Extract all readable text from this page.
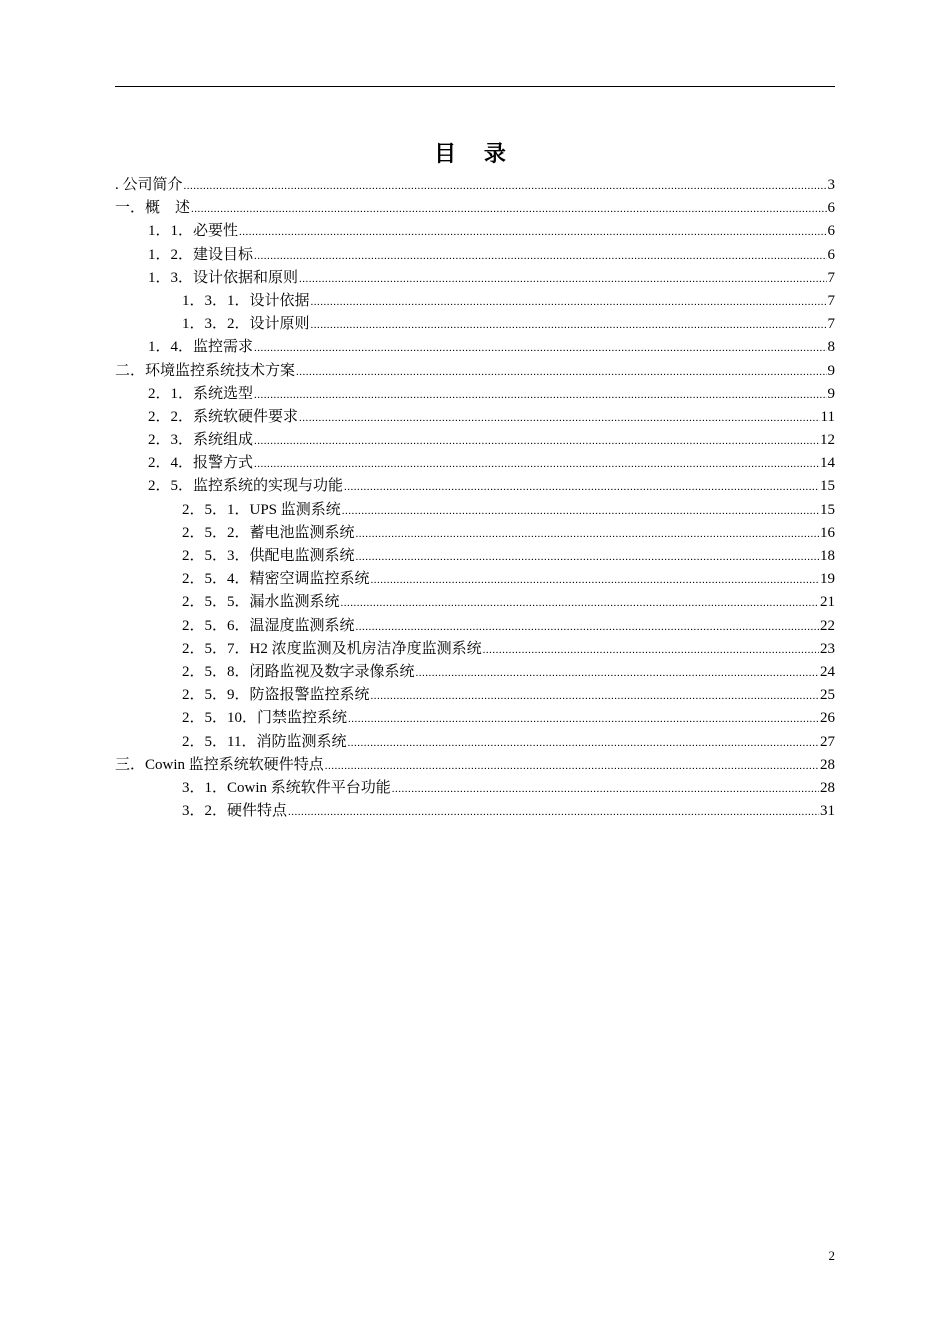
目 录
. 公司简介 .....	3
一．概　述 .....	6
1．1．必要性 .....	6
1．2．建设目标 .....	6
1．3．设计依据和原则 .....	7
1．3．1．设计依据 .....	7
1．3．2．设计原则 .....	7
1．4．监控需求 .....	8
二．环境监控系统技术方案 .....	9
2．1．系统选型 .....	9
2．2．系统软硬件要求 .....	11
2．3．系统组成 .....	12
2．4．报警方式 .....	14
2．5．监控系统的实现与功能 .....	15
2．5．1．UPS 监测系统 .....	15
2．5．2．蓄电池监测系统 .....	16
2．5．3．供配电监测系统 .....	18
2．5．4．精密空调监控系统 .....	19
2．5．5．漏水监测系统 .....	21
2．5．6．温湿度监测系统 .....	22
2．5．7．H2 浓度监测及机房洁净度监测系统 .....	23
2．5．8．闭路监视及数字录像系统 .....	24
2．5．9．防盗报警监控系统 .....	25
2．5．10．门禁监控系统 .....	26
2．5．11．消防监测系统 .....	27
三．Cowin 监控系统软硬件特点 .....	28
3．1．Cowin 系统软件平台功能 .....	28
3．2．硬件特点 .....	31
2
